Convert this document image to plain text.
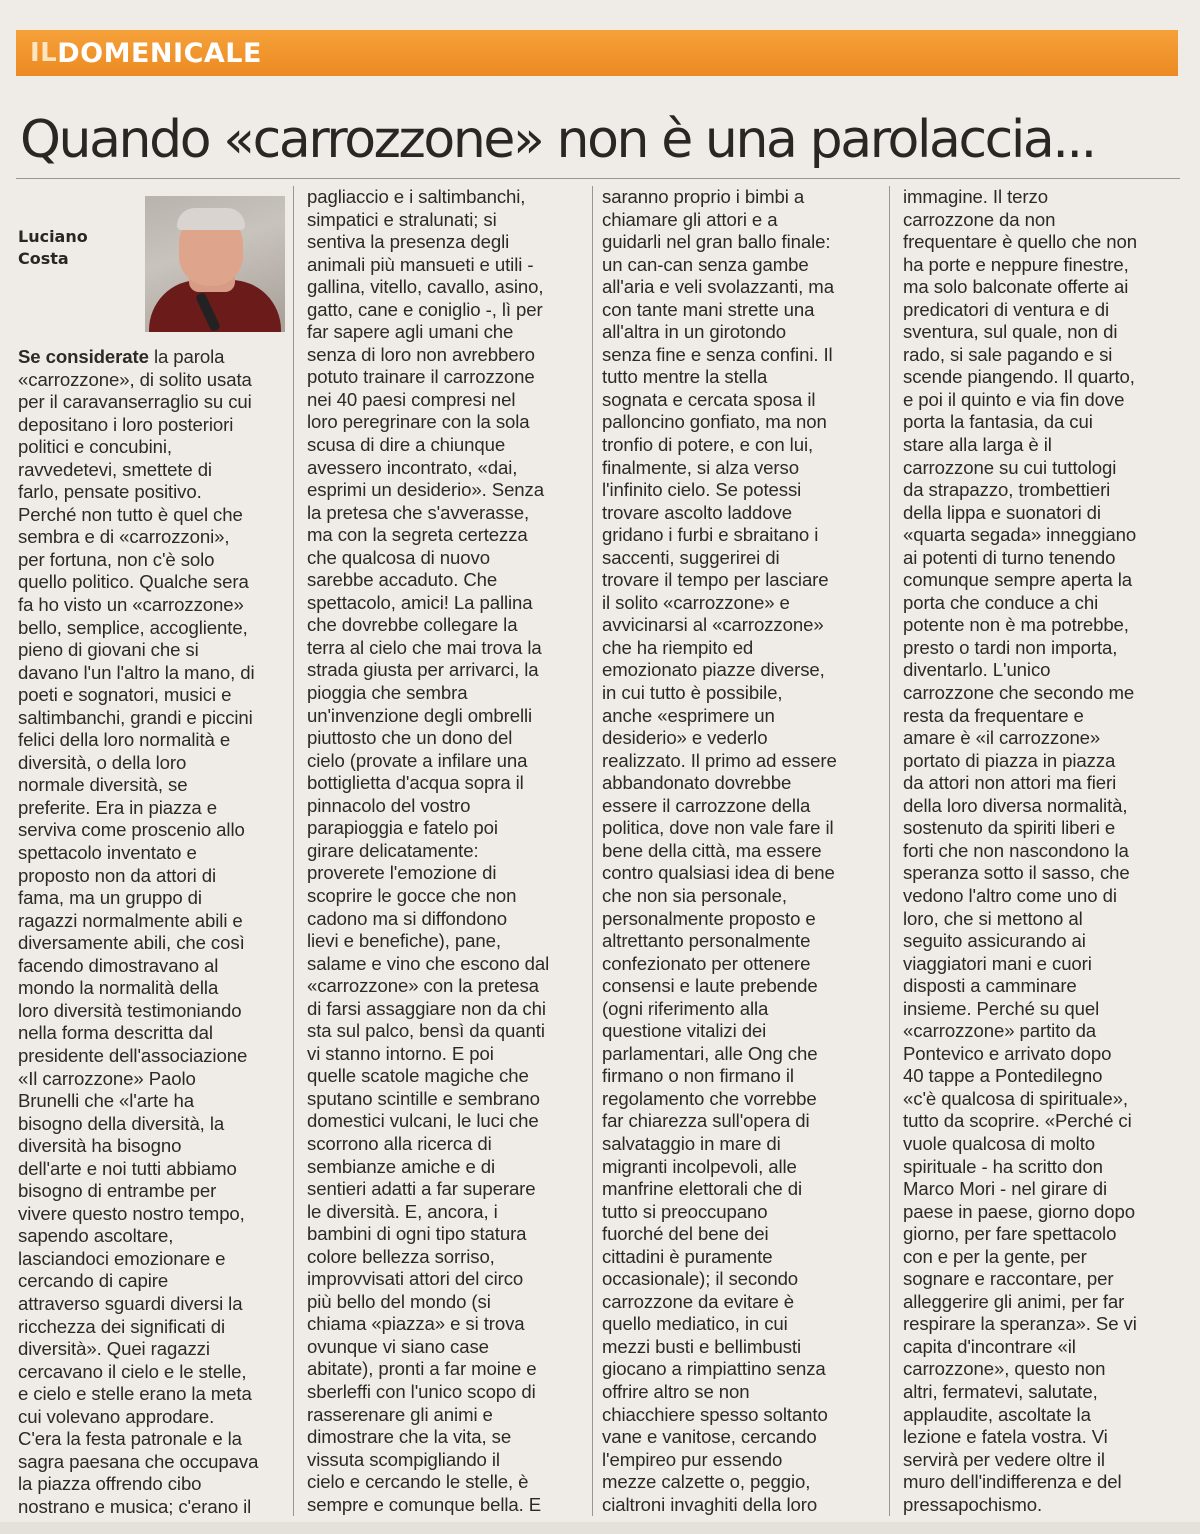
IL DOMENICALE
Quando «carrozzone» non è una parolaccia...
Luciano
Costa
Se considerate la parola
«carrozzone», di solito usata
per il caravanserraglio su cui
depositano i loro posteriori
politici e concubini,
ravvedetevi, smettete di
farlo, pensate positivo.
Perché non tutto è quel che
sembra e di «carrozzoni»,
per fortuna, non c'è solo
quello politico. Qualche sera
fa ho visto un «carrozzone»
bello, semplice, accogliente,
pieno di giovani che si
davano l'un l'altro la mano, di
poeti e sognatori, musici e
saltimbanchi, grandi e piccini
felici della loro normalità e
diversità, o della loro
normale diversità, se
preferite. Era in piazza e
serviva come proscenio allo
spettacolo inventato e
proposto non da attori di
fama, ma un gruppo di
ragazzi normalmente abili e
diversamente abili, che così
facendo dimostravano al
mondo la normalità della
loro diversità testimoniando
nella forma descritta dal
presidente dell'associazione
«Il carrozzone» Paolo
Brunelli che «l'arte ha
bisogno della diversità, la
diversità ha bisogno
dell'arte e noi tutti abbiamo
bisogno di entrambe per
vivere questo nostro tempo,
sapendo ascoltare,
lasciandoci emozionare e
cercando di capire
attraverso sguardi diversi la
ricchezza dei significati di
diversità». Quei ragazzi
cercavano il cielo e le stelle,
e cielo e stelle erano la meta
cui volevano approdare.
C'era la festa patronale e la
sagra paesana che occupava
la piazza offrendo cibo
nostrano e musica; c'erano il
pagliaccio e i saltimbanchi,
simpatici e stralunati; si
sentiva la presenza degli
animali più mansueti e utili -
gallina, vitello, cavallo, asino,
gatto, cane e coniglio -, lì per
far sapere agli umani che
senza di loro non avrebbero
potuto trainare il carrozzone
nei 40 paesi compresi nel
loro peregrinare con la sola
scusa di dire a chiunque
avessero incontrato, «dai,
esprimi un desiderio». Senza
la pretesa che s'avverasse,
ma con la segreta certezza
che qualcosa di nuovo
sarebbe accaduto. Che
spettacolo, amici! La pallina
che dovrebbe collegare la
terra al cielo che mai trova la
strada giusta per arrivarci, la
pioggia che sembra
un'invenzione degli ombrelli
piuttosto che un dono del
cielo (provate a infilare una
bottiglietta d'acqua sopra il
pinnacolo del vostro
parapioggia e fatelo poi
girare delicatamente:
proverete l'emozione di
scoprire le gocce che non
cadono ma si diffondono
lievi e benefiche), pane,
salame e vino che escono dal
«carrozzone» con la pretesa
di farsi assaggiare non da chi
sta sul palco, bensì da quanti
vi stanno intorno. E poi
quelle scatole magiche che
sputano scintille e sembrano
domestici vulcani, le luci che
scorrono alla ricerca di
sembianze amiche e di
sentieri adatti a far superare
le diversità. E, ancora, i
bambini di ogni tipo statura
colore bellezza sorriso,
improvvisati attori del circo
più bello del mondo (si
chiama «piazza» e si trova
ovunque vi siano case
abitate), pronti a far moine e
sberleffi con l'unico scopo di
rasserenare gli animi e
dimostrare che la vita, se
vissuta scompigliando il
cielo e cercando le stelle, è
sempre e comunque bella. E
saranno proprio i bimbi a
chiamare gli attori e a
guidarli nel gran ballo finale:
un can-can senza gambe
all'aria e veli svolazzanti, ma
con tante mani strette una
all'altra in un girotondo
senza fine e senza confini. Il
tutto mentre la stella
sognata e cercata sposa il
palloncino gonfiato, ma non
tronfio di potere, e con lui,
finalmente, si alza verso
l'infinito cielo. Se potessi
trovare ascolto laddove
gridano i furbi e sbraitano i
saccenti, suggerirei di
trovare il tempo per lasciare
il solito «carrozzone» e
avvicinarsi al «carrozzone»
che ha riempito ed
emozionato piazze diverse,
in cui tutto è possibile,
anche «esprimere un
desiderio» e vederlo
realizzato. Il primo ad essere
abbandonato dovrebbe
essere il carrozzone della
politica, dove non vale fare il
bene della città, ma essere
contro qualsiasi idea di bene
che non sia personale,
personalmente proposto e
altrettanto personalmente
confezionato per ottenere
consensi e laute prebende
(ogni riferimento alla
questione vitalizi dei
parlamentari, alle Ong che
firmano o non firmano il
regolamento che vorrebbe
far chiarezza sull'opera di
salvataggio in mare di
migranti incolpevoli, alle
manfrine elettorali che di
tutto si preoccupano
fuorché del bene dei
cittadini è puramente
occasionale); il secondo
carrozzone da evitare è
quello mediatico, in cui
mezzi busti e bellimbusti
giocano a rimpiattino senza
offrire altro se non
chiacchiere spesso soltanto
vane e vanitose, cercando
l'empireo pur essendo
mezze calzette o, peggio,
cialtroni invaghiti della loro
immagine. Il terzo
carrozzone da non
frequentare è quello che non
ha porte e neppure finestre,
ma solo balconate offerte ai
predicatori di ventura e di
sventura, sul quale, non di
rado, si sale pagando e si
scende piangendo. Il quarto,
e poi il quinto e via fin dove
porta la fantasia, da cui
stare alla larga è il
carrozzone su cui tuttologi
da strapazzo, trombettieri
della lippa e suonatori di
«quarta segada» inneggiano
ai potenti di turno tenendo
comunque sempre aperta la
porta che conduce a chi
potente non è ma potrebbe,
presto o tardi non importa,
diventarlo. L'unico
carrozzone che secondo me
resta da frequentare e
amare è «il carrozzone»
portato di piazza in piazza
da attori non attori ma fieri
della loro diversa normalità,
sostenuto da spiriti liberi e
forti che non nascondono la
speranza sotto il sasso, che
vedono l'altro come uno di
loro, che si mettono al
seguito assicurando ai
viaggiatori mani e cuori
disposti a camminare
insieme. Perché su quel
«carrozzone» partito da
Pontevico e arrivato dopo
40 tappe a Pontedilegno
«c'è qualcosa di spirituale»,
tutto da scoprire. «Perché ci
vuole qualcosa di molto
spirituale - ha scritto don
Marco Mori - nel girare di
paese in paese, giorno dopo
giorno, per fare spettacolo
con e per la gente, per
sognare e raccontare, per
alleggerire gli animi, per far
respirare la speranza». Se vi
capita d'incontrare «il
carrozzone», questo non
altri, fermatevi, salutate,
applaudite, ascoltate la
lezione e fatela vostra. Vi
servirà per vedere oltre il
muro dell'indifferenza e del
pressapochismo.
